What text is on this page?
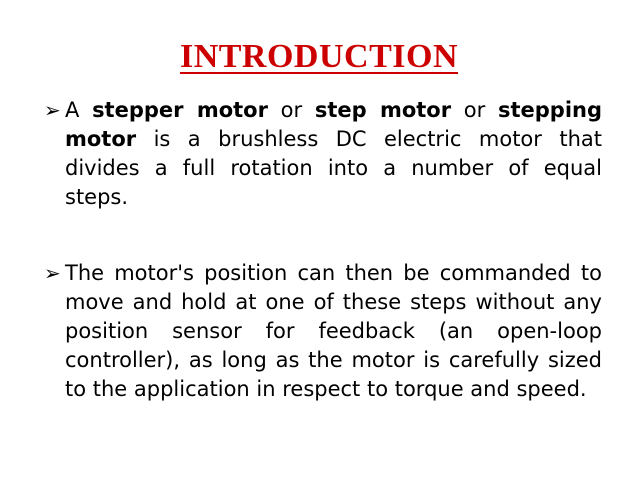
INTRODUCTION
➢ A stepper motor or step motor or stepping motor is a brushless DC electric motor that divides a full rotation into a number of equal steps.
➢ The motor's position can then be commanded to move and hold at one of these steps without any position sensor for feedback (an open-loop controller), as long as the motor is carefully sized to the application in respect to torque and speed.
